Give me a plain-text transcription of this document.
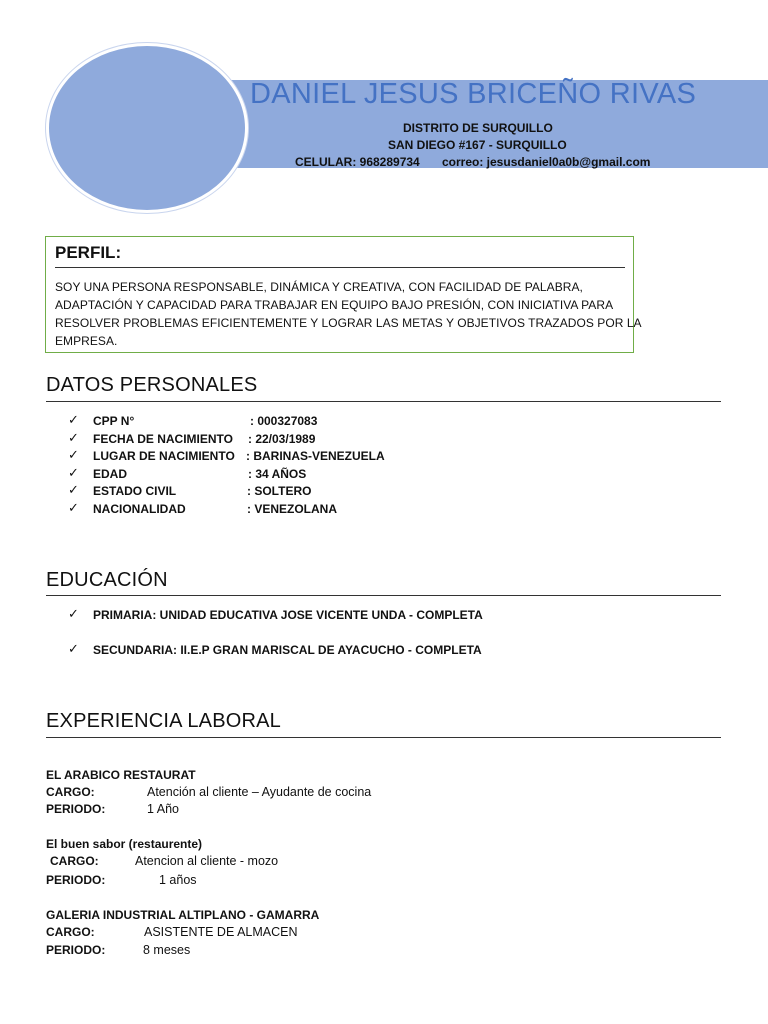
DANIEL JESUS BRICEÑO RIVAS
DISTRITO DE SURQUILLO
SAN DIEGO #167 - SURQUILLO
CELULAR: 968289734 correo: jesusdaniel0a0b@gmail.com
PERFIL:
SOY UNA PERSONA RESPONSABLE, DINÁMICA Y CREATIVA, CON FACILIDAD DE PALABRA,
ADAPTACIÓN Y CAPACIDAD PARA TRABAJAR EN EQUIPO BAJO PRESIÓN, CON INICIATIVA PARA
RESOLVER PROBLEMAS EFICIENTEMENTE Y LOGRAR LAS METAS Y OBJETIVOS TRAZADOS POR LA
EMPRESA.
DATOS PERSONALES
✓ CPP N°	: 000327083
✓ FECHA DE NACIMIENTO : 22/03/1989
✓ LUGAR DE NACIMIENTO : BARINAS-VENEZUELA
✓ EDAD	: 34 AÑOS
✓ ESTADO CIVIL	: SOLTERO
✓ NACIONALIDAD	: VENEZOLANA
EDUCACIÓN
✓ PRIMARIA: UNIDAD EDUCATIVA JOSE VICENTE UNDA - COMPLETA
✓ SECUNDARIA: II.E.P GRAN MARISCAL DE AYACUCHO - COMPLETA
EXPERIENCIA LABORAL
EL ARABICO RESTAURAT
CARGO:	Atención al cliente – Ayudante de cocina
PERIODO:	1 Año
El buen sabor (restaurente)
CARGO:	Atencion al cliente - mozo
PERIODO:	1 años
GALERIA INDUSTRIAL ALTIPLANO - GAMARRA
CARGO:	ASISTENTE DE ALMACEN
PERIODO:	8 meses
